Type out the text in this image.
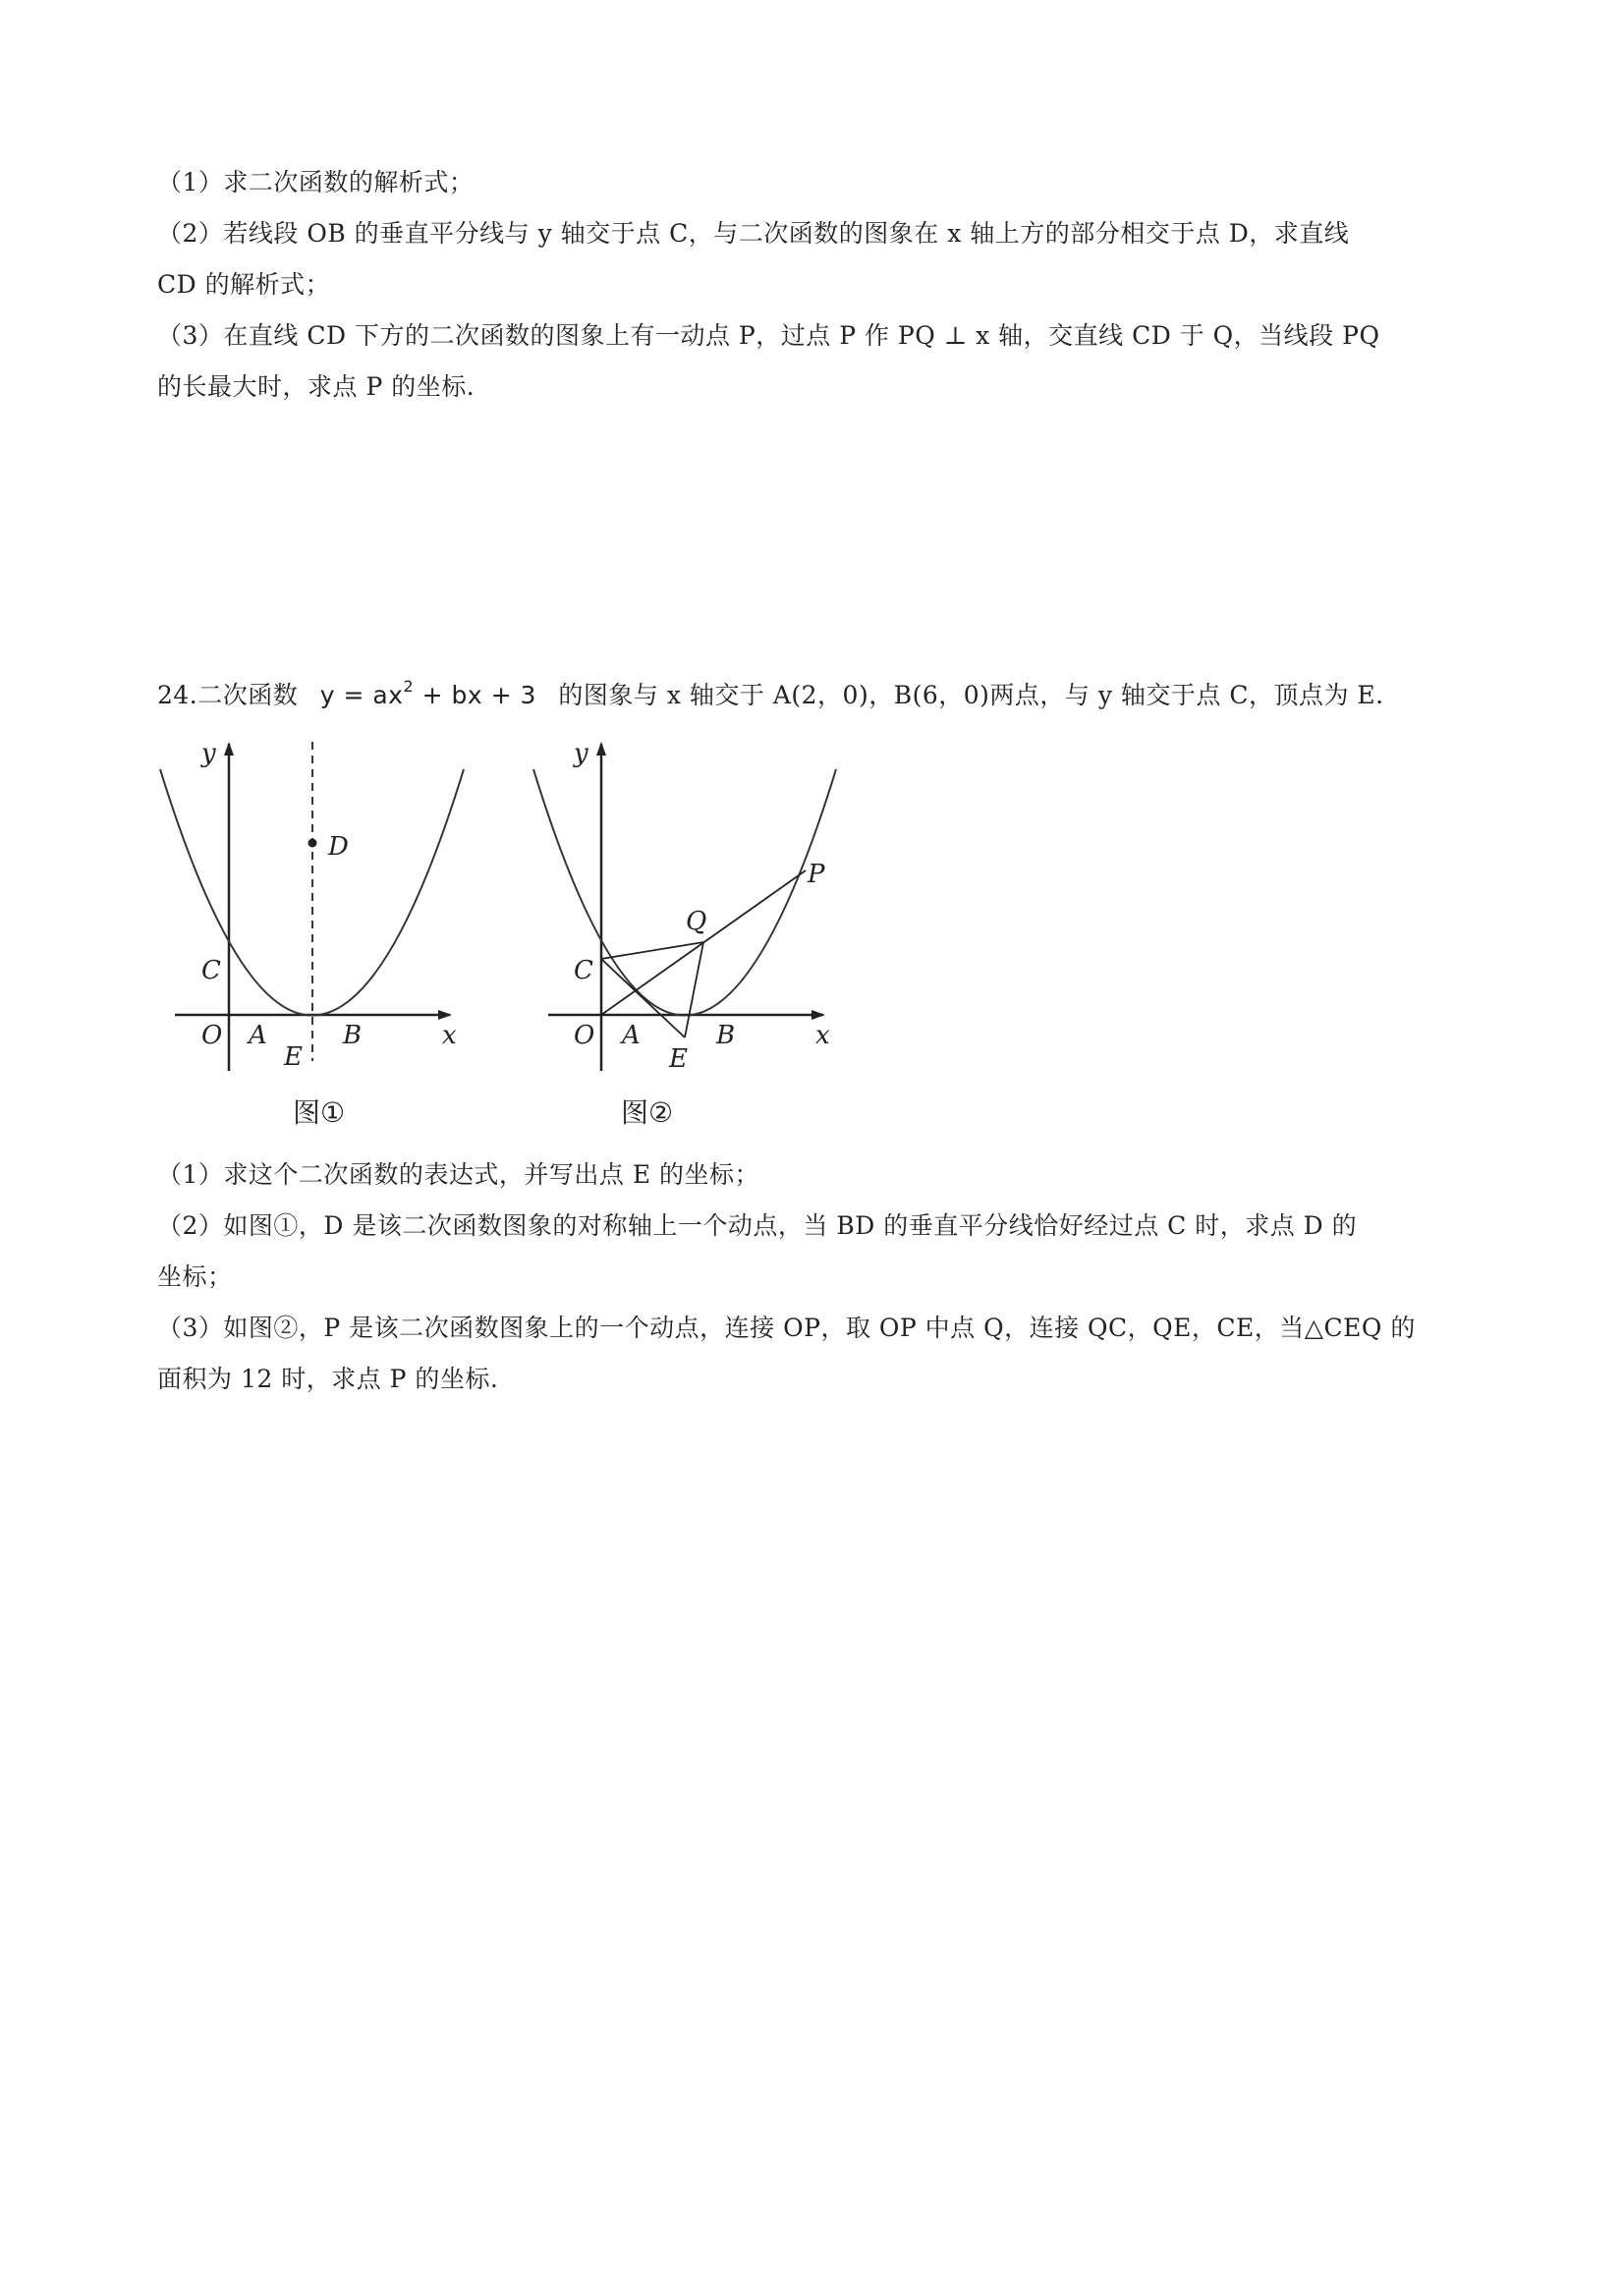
（1）求二次函数的解析式；
（2）若线段 OB 的垂直平分线与 y 轴交于点 C，与二次函数的图象在 x 轴上方的部分相交于点 D，求直线
CD 的解析式；
（3）在直线 CD 下方的二次函数的图象上有一动点 P，过点 P 作 PQ ⊥ x 轴，交直线 CD 于 Q，当线段 PQ
的长最大时，求点 P 的坐标.
24.二次函数 $y = ax^2$ + bx + 3 的图象与 x 轴交于 A(2，0)，B(6，0)两点，与 y 轴交于点 C，顶点为 E.
y
x
O A	B
C
D
E
图①
y
x
O A	B
C
E
P
Q
图②
（1）求这个二次函数的表达式，并写出点 E 的坐标；
（2）如图①，D 是该二次函数图象的对称轴上一个动点，当 BD 的垂直平分线恰好经过点 C 时，求点 D 的
坐标；
（3）如图②，P 是该二次函数图象上的一个动点，连接 OP，取 OP 中点 Q，连接 QC，QE，CE，当△CEQ 的
面积为 12 时，求点 P 的坐标.
